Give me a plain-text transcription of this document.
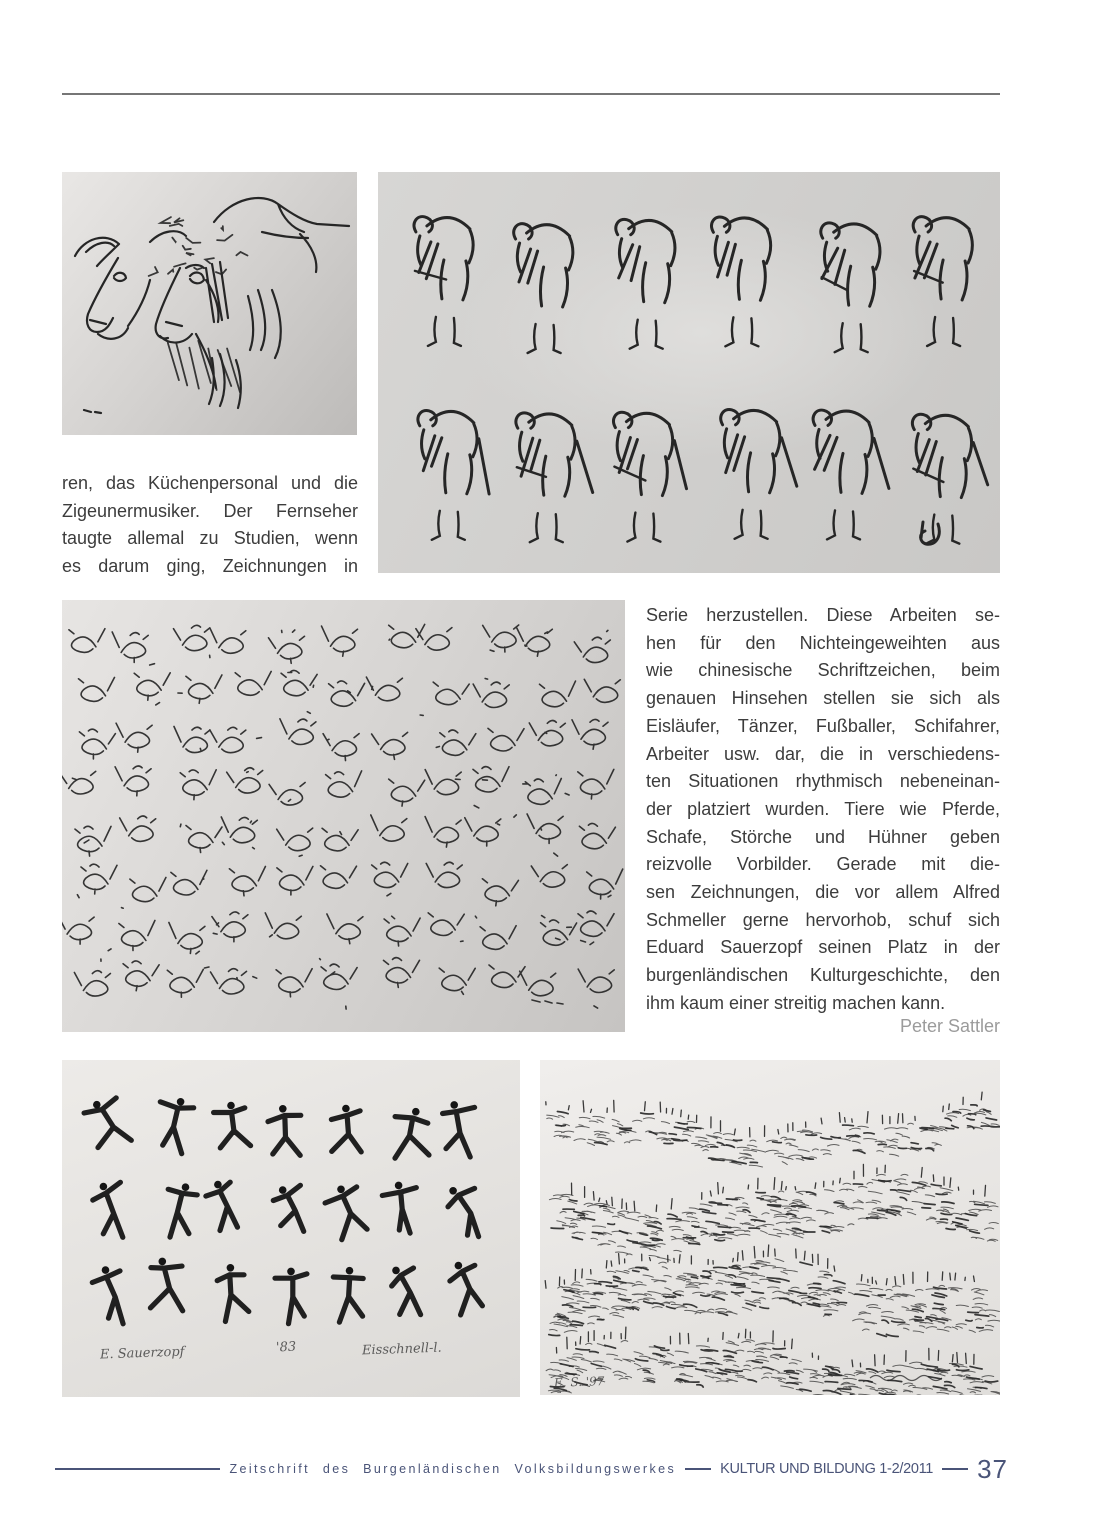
ren, das Küchenpersonal und die
Zigeunermusiker. Der Fernseher
taugte allemal zu Studien, wenn
es darum ging, Zeichnungen in
Serie herzustellen. Diese Arbeiten se-
hen für den Nichteingeweihten aus
wie chinesische Schriftzeichen, beim
genauen Hinsehen stellen sie sich als
Eisläufer, Tänzer, Fußballer, Schifahrer,
Arbeiter usw. dar, die in verschiedens-
ten Situationen rhythmisch nebeneinan-
der platziert wurden. Tiere wie Pferde,
Schafe, Störche und Hühner geben
reizvolle Vorbilder. Gerade mit die-
sen Zeichnungen, die vor allem Alfred
Schmeller gerne hervorhob, schuf sich
Eduard Sauerzopf seinen Platz in der
burgenländischen Kulturgeschichte, den
ihm kaum einer streitig machen kann.
Peter Sattler
E. Sauerzopf	'83	Eisschnell-l.
E. S. '97
Zeitschrift des Burgenländischen Volksbildungswerkes	KULTUR UND BILDUNG 1-2/2011 37
